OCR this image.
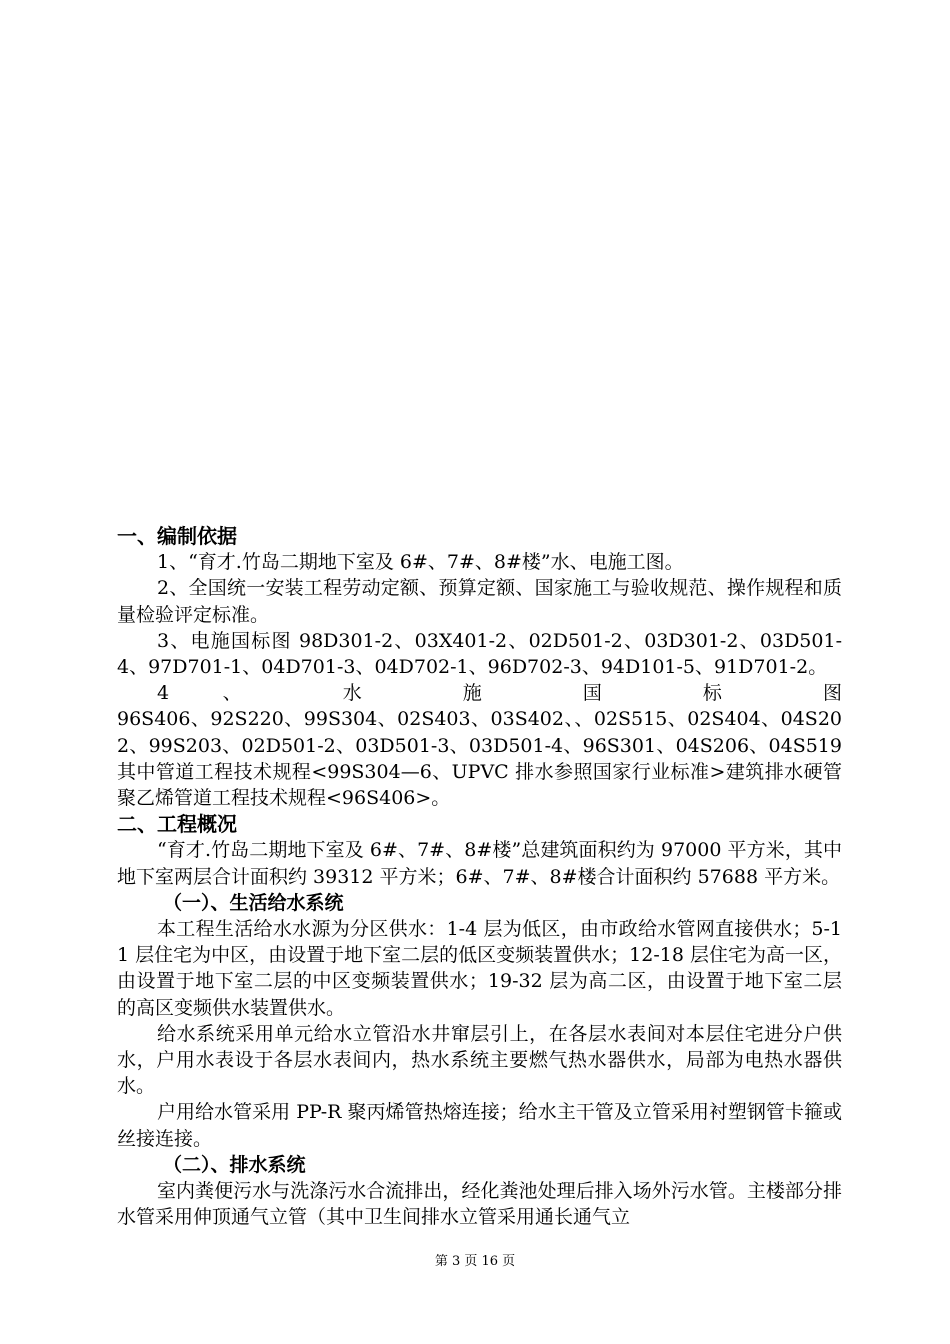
一、编制依据

1、“育才.竹岛二期地下室及 6#、7#、8#楼”水、电施工图。

2、全国统一安装工程劳动定额、预算定额、国家施工与验收规范、操作规程和质量检验评定标准。

3、电施国标图 98D301-2、03X401-2、02D501-2、03D301-2、03D501-4、97D701-1、04D701-3、04D702-1、96D702-3、94D101-5、91D701-2。

4 、 水 施 国 标 图

96S406、92S220、99S304、02S403、03S402、、02S515、02S404、04S202、99S203、02D501-2、03D501-3、03D501-4、96S301、04S206、04S519 其中管道工程技术规程<99S304—6、UPVC 排水参照国家行业标准>建筑排水硬管聚乙烯管道工程技术规程<96S406>。

二、工程概况

“育才.竹岛二期地下室及 6#、7#、8#楼”总建筑面积约为 97000 平方米，其中地下室两层合计面积约 39312 平方米；6#、7#、8#楼合计面积约 57688 平方米。

（一）、生活给水系统

本工程生活给水水源为分区供水：1-4 层为低区，由市政给水管网直接供水；5-11 层住宅为中区，由设置于地下室二层的低区变频装置供水；12-18 层住宅为高一区，由设置于地下室二层的中区变频装置供水；19-32 层为高二区，由设置于地下室二层的高区变频供水装置供水。

给水系统采用单元给水立管沿水井窜层引上，在各层水表间对本层住宅进分户供水，户用水表设于各层水表间内，热水系统主要燃气热水器供水，局部为电热水器供水。

户用给水管采用 PP-R 聚丙烯管热熔连接；给水主干管及立管采用衬塑钢管卡箍或丝接连接。

（二）、排水系统

室内粪便污水与洗涤污水合流排出，经化粪池处理后排入场外污水管。主楼部分排水管采用伸顶通气立管（其中卫生间排水立管采用通长通气立

第 3 页 16 页
